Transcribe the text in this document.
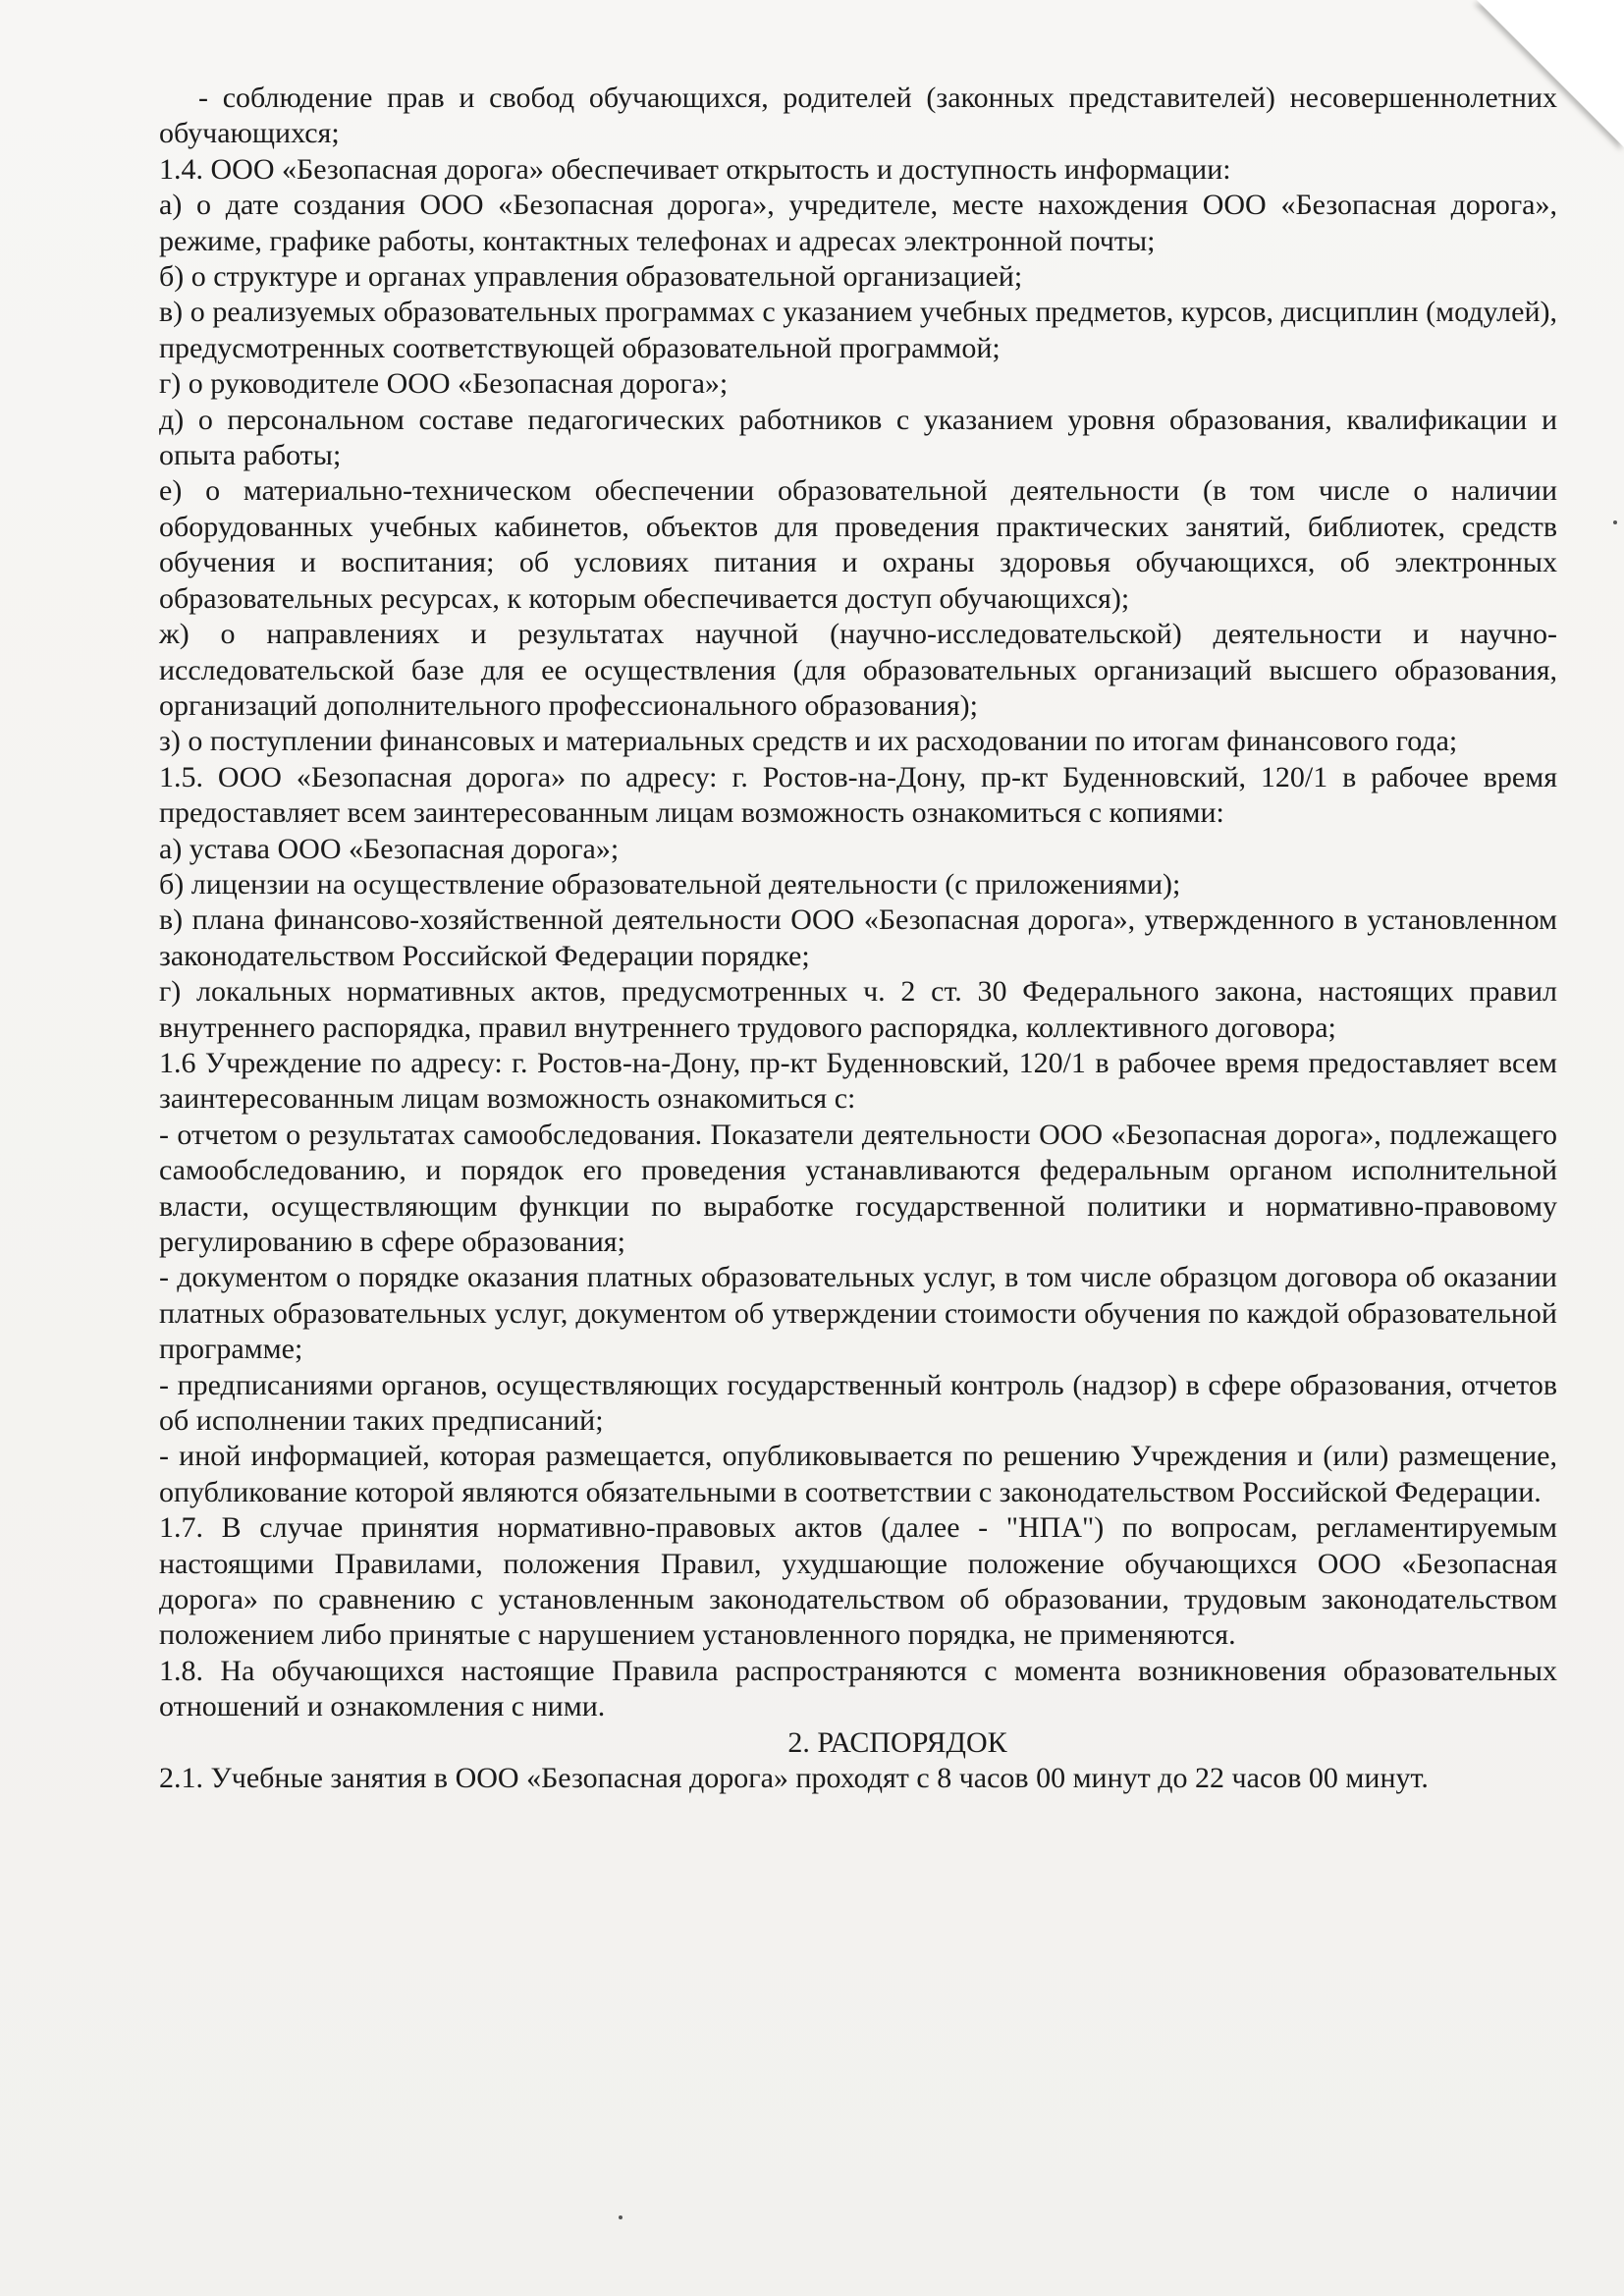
- соблюдение прав и свобод обучающихся, родителей (законных представителей) несовершеннолетних обучающихся;

1.4. ООО «Безопасная дорога» обеспечивает открытость и доступность информации:

а) о дате создания ООО «Безопасная дорога», учредителе, месте нахождения ООО «Безопасная дорога», режиме, графике работы, контактных телефонах и адресах электронной почты;

б) о структуре и органах управления образовательной организацией;

в) о реализуемых образовательных программах с указанием учебных предметов, курсов, дисциплин (модулей), предусмотренных соответствующей образовательной программой;

г) о руководителе ООО «Безопасная дорога»;

д) о персональном составе педагогических работников с указанием уровня образования, квалификации и опыта работы;

е) о материально-техническом обеспечении образовательной деятельности (в том числе о наличии оборудованных учебных кабинетов, объектов для проведения практических занятий, библиотек, средств обучения и воспитания; об условиях питания и охраны здоровья обучающихся, об электронных образовательных ресурсах, к которым обеспечивается доступ обучающихся);

ж) о направлениях и результатах научной (научно-исследовательской) деятельности и научно-исследовательской базе для ее осуществления (для образовательных организаций высшего образования, организаций дополнительного профессионального образования);

з) о поступлении финансовых и материальных средств и их расходовании по итогам финансового года;

1.5. ООО «Безопасная дорога» по адресу: г. Ростов-на-Дону, пр-кт Буденновский, 120/1 в рабочее время предоставляет всем заинтересованным лицам возможность ознакомиться с копиями:

а) устава ООО «Безопасная дорога»;

б) лицензии на осуществление образовательной деятельности (с приложениями);

в) плана финансово-хозяйственной деятельности ООО «Безопасная дорога», утвержденного в установленном законодательством Российской Федерации порядке;

г) локальных нормативных актов, предусмотренных ч. 2 ст. 30 Федерального закона, настоящих правил внутреннего распорядка, правил внутреннего трудового распорядка, коллективного договора;

1.6 Учреждение по адресу: г. Ростов-на-Дону, пр-кт Буденновский, 120/1 в рабочее время предоставляет всем заинтересованным лицам возможность ознакомиться с:

- отчетом о результатах самообследования. Показатели деятельности ООО «Безопасная дорога», подлежащего самообследованию, и порядок его проведения устанавливаются федеральным органом исполнительной власти, осуществляющим функции по выработке государственной политики и нормативно-правовому регулированию в сфере образования;

- документом о порядке оказания платных образовательных услуг, в том числе образцом договора об оказании платных образовательных услуг, документом об утверждении стоимости обучения по каждой образовательной программе;

- предписаниями органов, осуществляющих государственный контроль (надзор) в сфере образования, отчетов об исполнении таких предписаний;

- иной информацией, которая размещается, опубликовывается по решению Учреждения и (или) размещение, опубликование которой являются обязательными в соответствии с законодательством Российской Федерации.

1.7. В случае принятия нормативно-правовых актов (далее - "НПА") по вопросам, регламентируемым настоящими Правилами, положения Правил, ухудшающие положение обучающихся ООО «Безопасная дорога» по сравнению с установленным законодательством об образовании, трудовым законодательством положением либо принятые с нарушением установленного порядка, не применяются.

1.8. На обучающихся настоящие Правила распространяются с момента возникновения образовательных отношений и ознакомления с ними.

2. РАСПОРЯДОК

2.1. Учебные занятия в ООО «Безопасная дорога» проходят с 8 часов 00 минут до 22 часов 00 минут.
